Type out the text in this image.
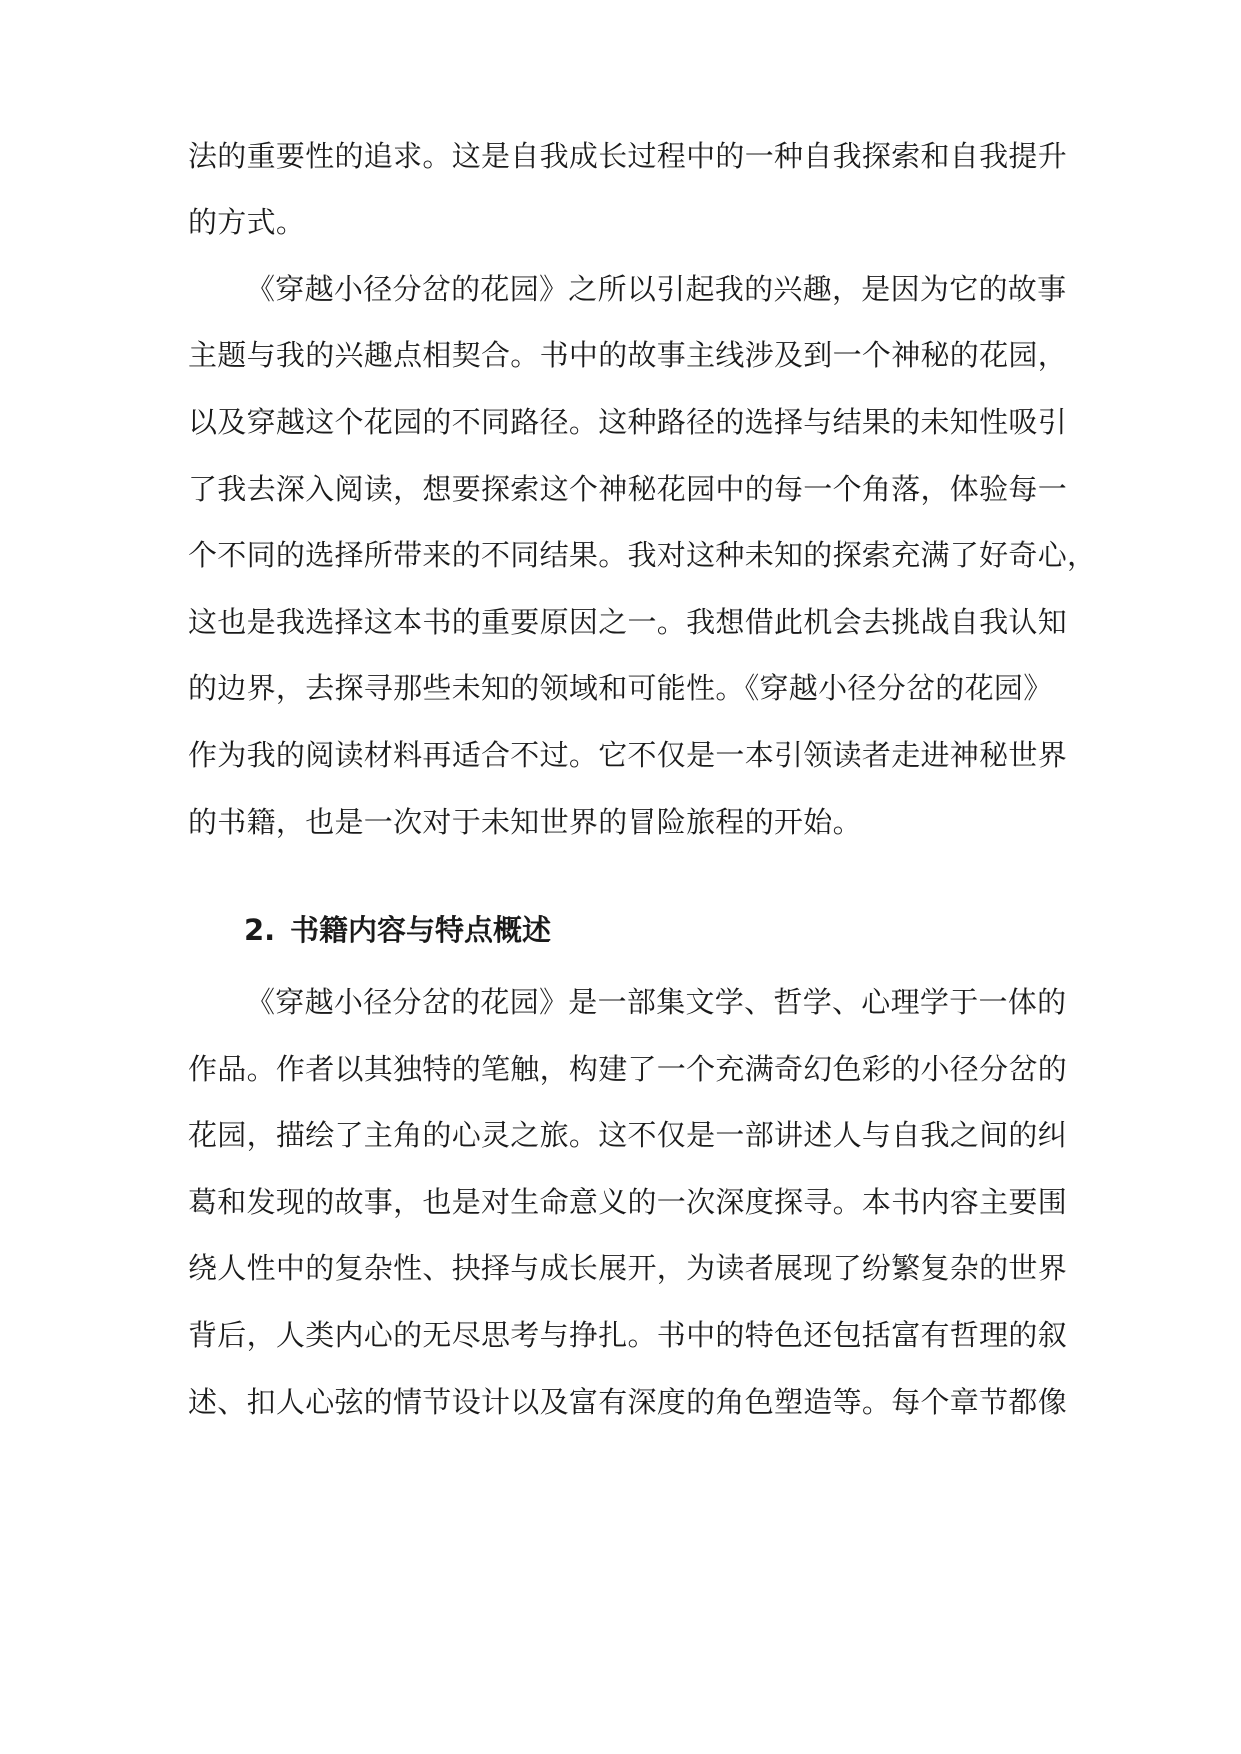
法的重要性的追求。这是自我成长过程中的一种自我探索和自我提升
的方式。
《穿越小径分岔的花园》之所以引起我的兴趣，是因为它的故事
主题与我的兴趣点相契合。书中的故事主线涉及到一个神秘的花园，
以及穿越这个花园的不同路径。这种路径的选择与结果的未知性吸引
了我去深入阅读，想要探索这个神秘花园中的每一个角落，体验每一
个不同的选择所带来的不同结果。我对这种未知的探索充满了好奇心，
这也是我选择这本书的重要原因之一。我想借此机会去挑战自我认知
的边界，去探寻那些未知的领域和可能性。《穿越小径分岔的花园》
作为我的阅读材料再适合不过。它不仅是一本引领读者走进神秘世界
的书籍，也是一次对于未知世界的冒险旅程的开始。
2. 书籍内容与特点概述
《穿越小径分岔的花园》是一部集文学、哲学、心理学于一体的
作品。作者以其独特的笔触，构建了一个充满奇幻色彩的小径分岔的
花园，描绘了主角的心灵之旅。这不仅是一部讲述人与自我之间的纠
葛和发现的故事，也是对生命意义的一次深度探寻。本书内容主要围
绕人性中的复杂性、抉择与成长展开，为读者展现了纷繁复杂的世界
背后，人类内心的无尽思考与挣扎。书中的特色还包括富有哲理的叙
述、扣人心弦的情节设计以及富有深度的角色塑造等。每个章节都像
